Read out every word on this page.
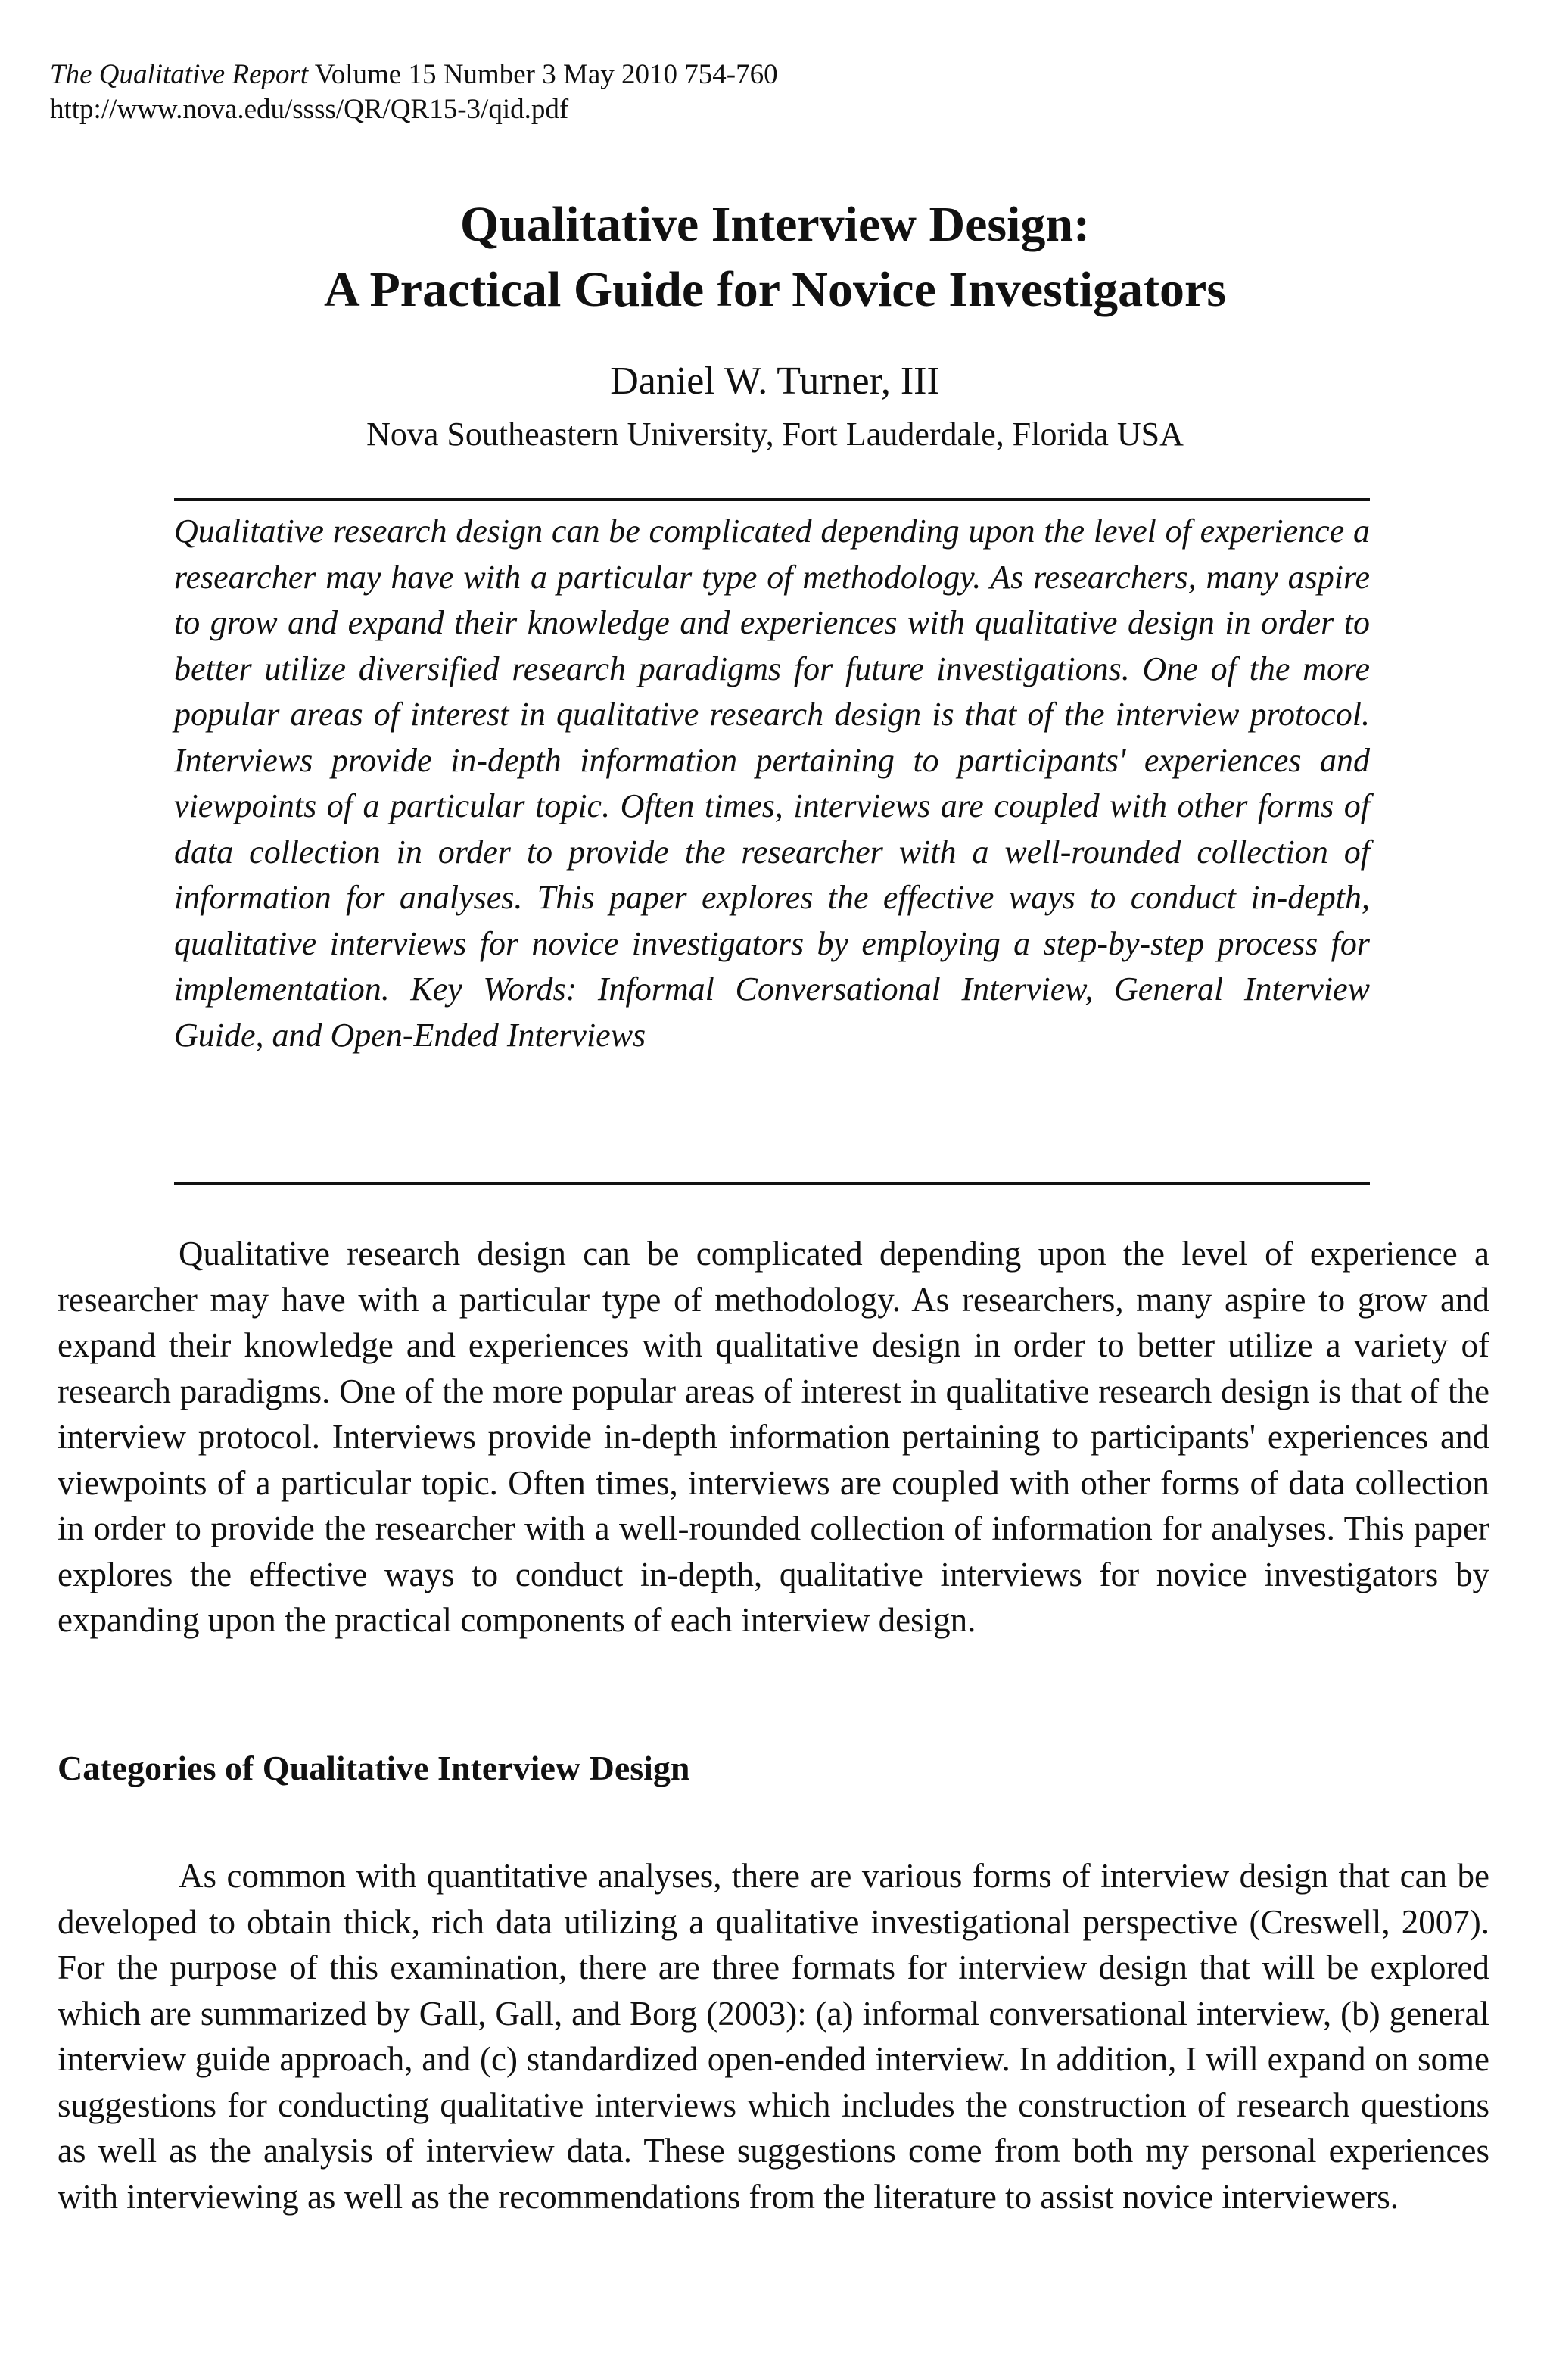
The Qualitative Report Volume 15 Number 3 May 2010 754-760
http://www.nova.edu/ssss/QR/QR15-3/qid.pdf
Qualitative Interview Design:
A Practical Guide for Novice Investigators
Daniel W. Turner, III
Nova Southeastern University, Fort Lauderdale, Florida USA
Qualitative research design can be complicated depending upon the level of experience a researcher may have with a particular type of methodology. As researchers, many aspire to grow and expand their knowledge and experiences with qualitative design in order to better utilize diversified research paradigms for future investigations. One of the more popular areas of interest in qualitative research design is that of the interview protocol. Interviews provide in-depth information pertaining to participants' experiences and viewpoints of a particular topic. Often times, interviews are coupled with other forms of data collection in order to provide the researcher with a well-rounded collection of information for analyses. This paper explores the effective ways to conduct in-depth, qualitative interviews for novice investigators by employing a step-by-step process for implementation. Key Words: Informal Conversational Interview, General Interview Guide, and Open-Ended Interviews

Qualitative research design can be complicated depending upon the level of experience a researcher may have with a particular type of methodology. As researchers, many aspire to grow and expand their knowledge and experiences with qualitative design in order to better utilize a variety of research paradigms. One of the more popular areas of interest in qualitative research design is that of the interview protocol. Interviews provide in-depth information pertaining to participants' experiences and viewpoints of a particular topic. Often times, interviews are coupled with other forms of data collection in order to provide the researcher with a well-rounded collection of information for analyses. This paper explores the effective ways to conduct in-depth, qualitative interviews for novice investigators by expanding upon the practical components of each interview design.

Categories of Qualitative Interview Design

As common with quantitative analyses, there are various forms of interview design that can be developed to obtain thick, rich data utilizing a qualitative investigational perspective (Creswell, 2007). For the purpose of this examination, there are three formats for interview design that will be explored which are summarized by Gall, Gall, and Borg (2003): (a) informal conversational interview, (b) general interview guide approach, and (c) standardized open-ended interview. In addition, I will expand on some suggestions for conducting qualitative interviews which includes the construction of research questions as well as the analysis of interview data. These suggestions come from both my personal experiences with interviewing as well as the recommendations from the literature to assist novice interviewers.
